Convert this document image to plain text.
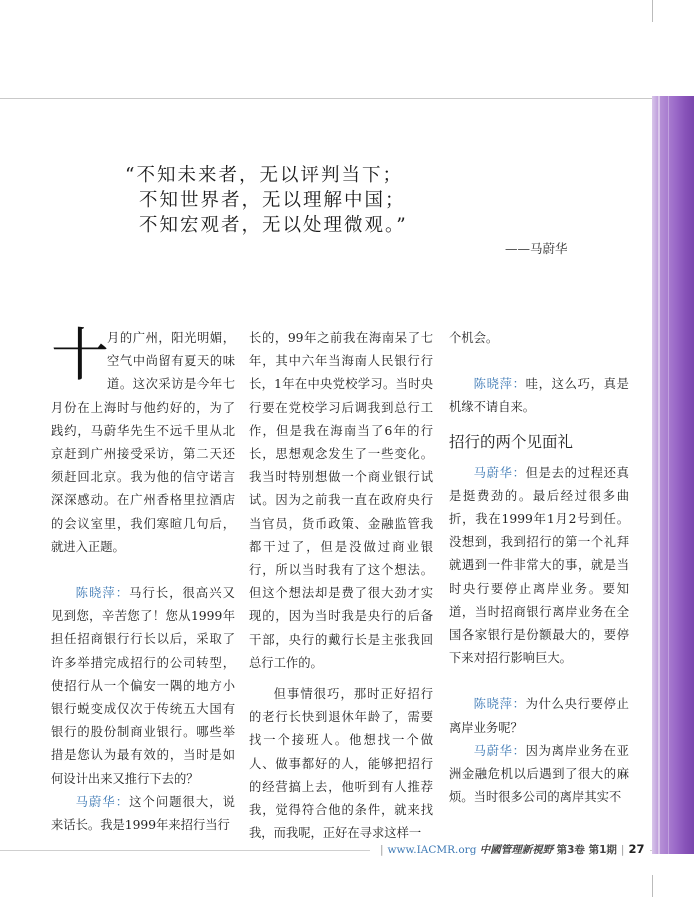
“不知未来者，无以评判当下；
不知世界者，无以理解中国；
不知宏观者，无以处理微观。”
——马蔚华

十
月的广州，阳光明媚，空气中尚留有夏天的味道。这次采访是今年七月份在上海时与他约好的，为了践约，马蔚华先生不远千里从北京赶到广州接受采访，第二天还须赶回北京。我为他的信守诺言深深感动。在广州香格里拉酒店的会议室里，我们寒暄几句后，就进入正题。

陈晓萍：马行长，很高兴又见到您，辛苦您了！您从1999年担任招商银行行长以后，采取了许多举措完成招行的公司转型，使招行从一个偏安一隅的地方小银行蜕变成仅次于传统五大国有银行的股份制商业银行。哪些举措是您认为最有效的，当时是如何设计出来又推行下去的？

马蔚华：这个问题很大，说来话长。我是1999年来招行当行

长的，99年之前我在海南呆了七年，其中六年当海南人民银行行长，1年在中央党校学习。当时央行要在党校学习后调我到总行工作，但是我在海南当了6年的行长，思想观念发生了一些变化。我当时特别想做一个商业银行试试。因为之前我一直在政府央行当官员，货币政策、金融监管我都干过了，但是没做过商业银行，所以当时我有了这个想法。但这个想法却是费了很大劲才实现的，因为当时我是央行的后备干部，央行的戴行长是主张我回总行工作的。

但事情很巧，那时正好招行的老行长快到退休年龄了，需要找一个接班人。他想找一个做人、做事都好的人，能够把招行的经营搞上去，他听到有人推荐我，觉得符合他的条件，就来找我，而我呢，正好在寻求这样一

个机会。

陈晓萍：哇，这么巧，真是机缘不请自来。

招行的两个见面礼

马蔚华：但是去的过程还真是挺费劲的。最后经过很多曲折，我在1999年1月2号到任。没想到，我到招行的第一个礼拜就遇到一件非常大的事，就是当时央行要停止离岸业务。要知道，当时招商银行离岸业务在全国各家银行是份额最大的，要停下来对招行影响巨大。

陈晓萍：为什么央行要停止离岸业务呢？

马蔚华：因为离岸业务在亚洲金融危机以后遇到了很大的麻烦。当时很多公司的离岸其实不

| www.IACMR.org 中國管理新視野 第3卷 第1期 | 27
